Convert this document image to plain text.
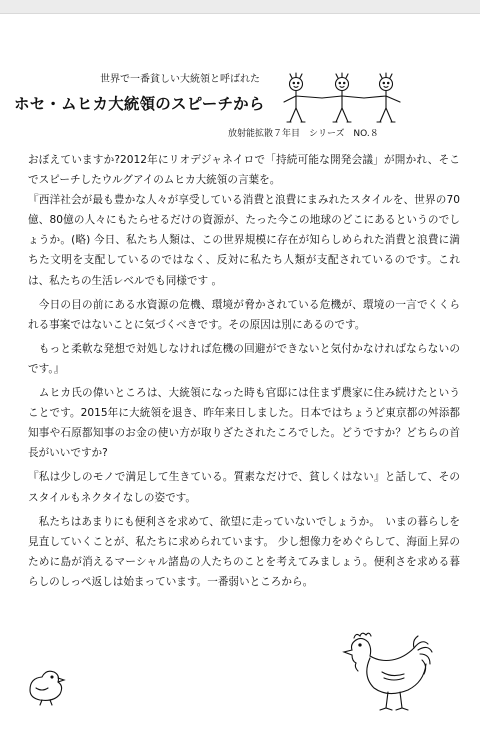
世界で一番貧しい大統領と呼ばれた
ホセ・ムヒカ大統領のスピーチから
放射能拡散７年目　シリーズ NO.８

おぼえていますか?2012年にリオデジャネイロで「持続可能な開発会議」が開かれ、そこでスピーチしたウルグアイのムヒカ大統領の言葉を。

『西洋社会が最も豊かな人々が享受している消費と浪費にまみれたスタイルを、世界の70億、80億の人々にもたらせるだけの資源が、たった今この地球のどこにあるというのでしょうか。(略) 今日、私たち人類は、この世界規模に存在が知らしめられた消費と浪費に満ちた文明を支配しているのではなく、反対に私たち人類が支配されているのです。これは、私たちの生活レベルでも同様です 。

　今日の目の前にある水資源の危機、環境が脅かされている危機が、環境の一言でくくられる事案ではないことに気づくべきです。その原因は別にあるのです。

　もっと柔軟な発想で対処しなければ危機の回避ができないと気付かなければならないのです。』

　ムヒカ氏の偉いところは、大統領になった時も官邸には住まず農家に住み続けたということです。2015年に大統領を退き、昨年来日しました。日本ではちょうど東京都の舛添都知事や石原都知事のお金の使い方が取りざたされたころでした。どうですか？どちらの首長がいいですか?

『私は少しのモノで満足して生きている。質素なだけで、貧しくはない』と話して、そのスタイルもネクタイなしの姿です。

　私たちはあまりにも便利さを求めて、欲望に走っていないでしょうか。　いまの暮らしを見直していくことが、私たちに求められています。 少し想像力をめぐらして、海面上昇のために島が消えるマーシャル諸島の人たちのことを考えてみましょう。便利さを求める暮らしのしっぺ返しは始まっています。一番弱いところから。
